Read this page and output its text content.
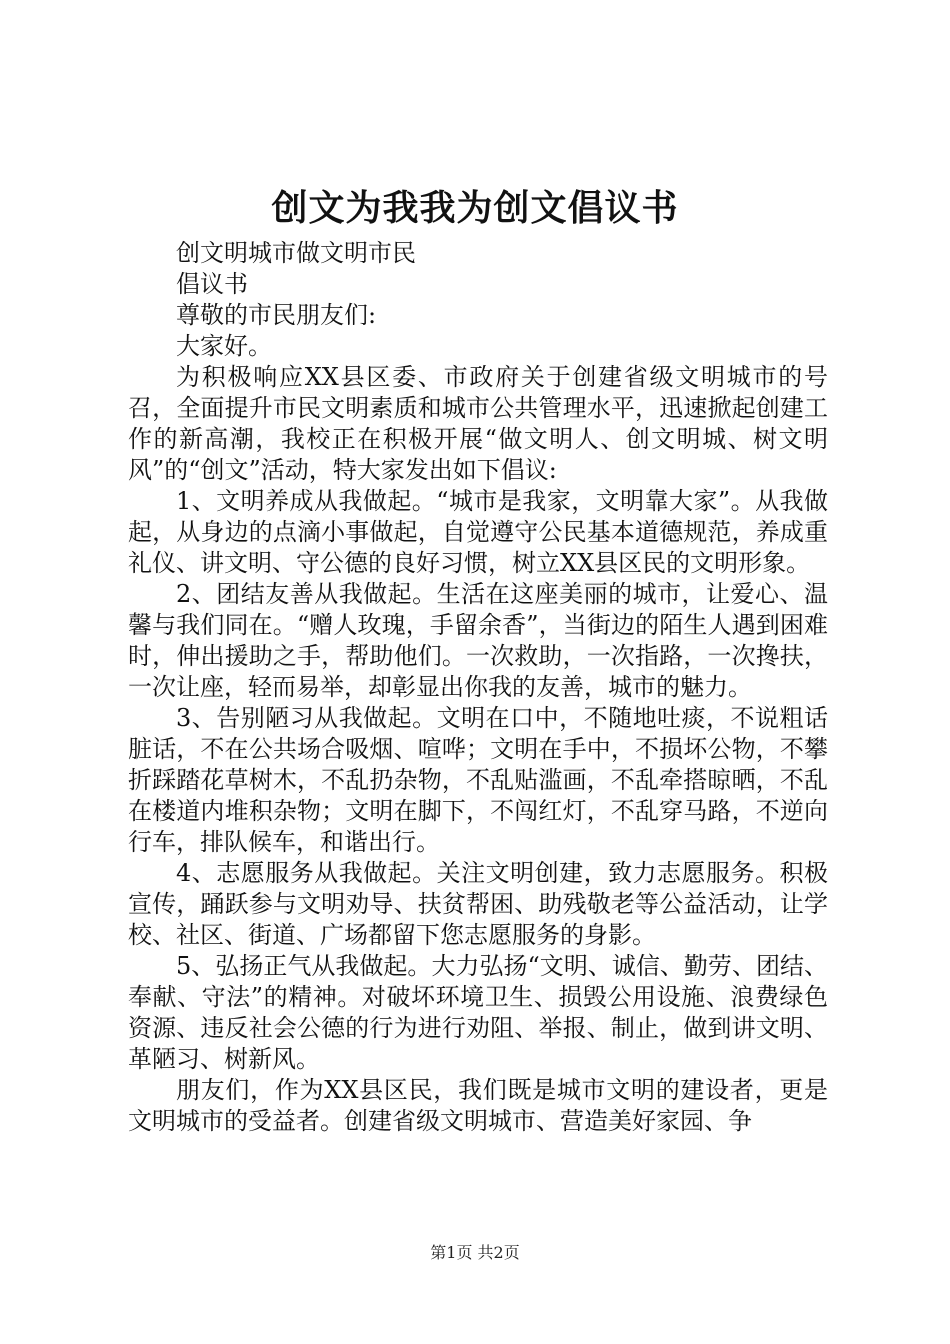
创文为我我为创文倡议书

创文明城市做文明市民

倡议书

尊敬的市民朋友们:

大家好。

为积极响应XX县区委、市政府关于创建省级文明城市的号召，全面提升市民文明素质和城市公共管理水平，迅速掀起创建工作的新高潮，我校正在积极开展“做文明人、创文明城、树文明风”的“创文”活动，特大家发出如下倡议:

1、文明养成从我做起。“城市是我家，文明靠大家”。从我做起，从身边的点滴小事做起，自觉遵守公民基本道德规范，养成重礼仪、讲文明、守公德的良好习惯，树立XX县区民的文明形象。

2、团结友善从我做起。生活在这座美丽的城市，让爱心、温馨与我们同在。“赠人玫瑰，手留余香”，当街边的陌生人遇到困难时，伸出援助之手，帮助他们。一次救助，一次指路，一次搀扶，一次让座，轻而易举，却彰显出你我的友善，城市的魅力。

3、告别陋习从我做起。文明在口中，不随地吐痰，不说粗话脏话，不在公共场合吸烟、喧哗；文明在手中，不损坏公物，不攀折踩踏花草树木，不乱扔杂物，不乱贴滥画，不乱牵搭晾晒，不乱在楼道内堆积杂物；文明在脚下，不闯红灯，不乱穿马路，不逆向行车，排队候车，和谐出行。

4、志愿服务从我做起。关注文明创建，致力志愿服务。积极宣传，踊跃参与文明劝导、扶贫帮困、助残敬老等公益活动，让学校、社区、街道、广场都留下您志愿服务的身影。

5、弘扬正气从我做起。大力弘扬“文明、诚信、勤劳、团结、奉献、守法”的精神。对破坏环境卫生、损毁公用设施、浪费绿色资源、违反社会公德的行为进行劝阻、举报、制止，做到讲文明、革陋习、树新风。

朋友们，作为XX县区民，我们既是城市文明的建设者，更是文明城市的受益者。创建省级文明城市、营造美好家园、争

第1页 共2页
